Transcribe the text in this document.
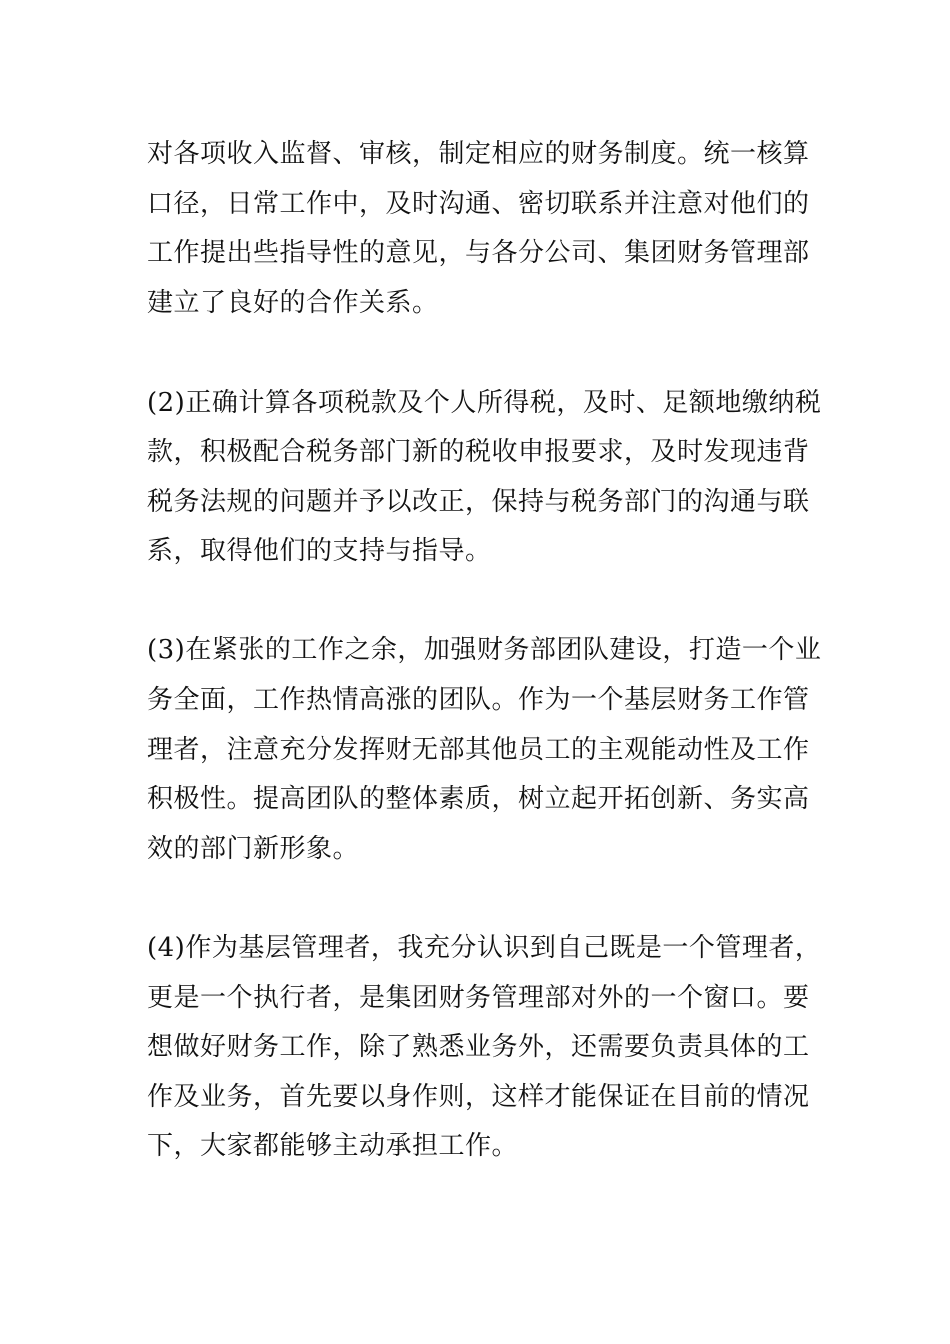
对各项收入监督、审核，制定相应的财务制度。统一核算
口径，日常工作中，及时沟通、密切联系并注意对他们的
工作提出些指导性的意见，与各分公司、集团财务管理部
建立了良好的合作关系。
(2)正确计算各项税款及个人所得税，及时、足额地缴纳税
款，积极配合税务部门新的税收申报要求，及时发现违背
税务法规的问题并予以改正，保持与税务部门的沟通与联
系，取得他们的支持与指导。
(3)在紧张的工作之余，加强财务部团队建设，打造一个业
务全面，工作热情高涨的团队。作为一个基层财务工作管
理者，注意充分发挥财无部其他员工的主观能动性及工作
积极性。提高团队的整体素质，树立起开拓创新、务实高
效的部门新形象。
(4)作为基层管理者，我充分认识到自己既是一个管理者，
更是一个执行者，是集团财务管理部对外的一个窗口。要
想做好财务工作，除了熟悉业务外，还需要负责具体的工
作及业务，首先要以身作则，这样才能保证在目前的情况
下，大家都能够主动承担工作。
